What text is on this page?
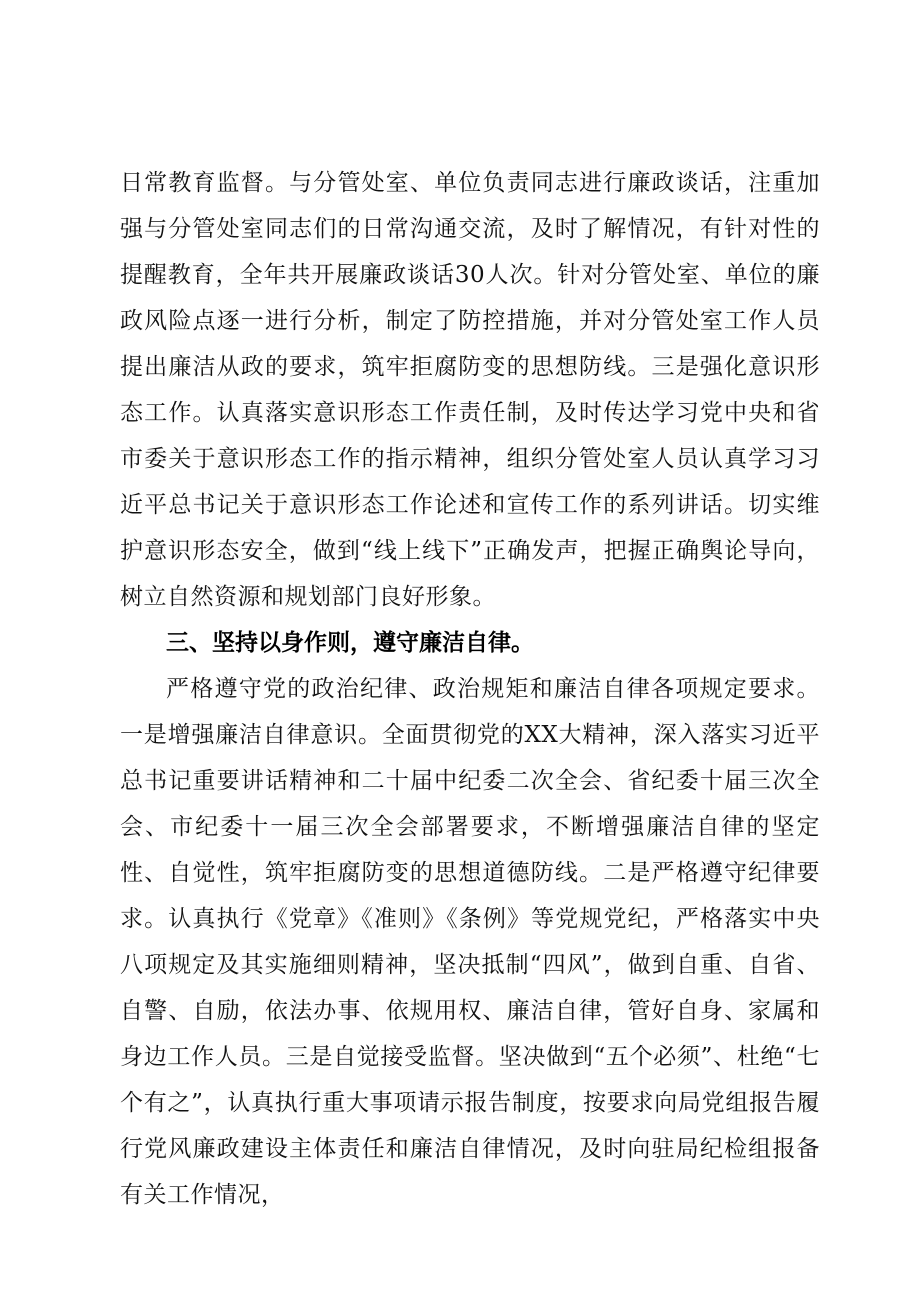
日常教育监督。与分管处室、单位负责同志进行廉政谈话，注重加强与分管处室同志们的日常沟通交流，及时了解情况，有针对性的提醒教育，全年共开展廉政谈话30人次。针对分管处室、单位的廉政风险点逐一进行分析，制定了防控措施，并对分管处室工作人员提出廉洁从政的要求，筑牢拒腐防变的思想防线。三是强化意识形态工作。认真落实意识形态工作责任制，及时传达学习党中央和省市委关于意识形态工作的指示精神，组织分管处室人员认真学习习近平总书记关于意识形态工作论述和宣传工作的系列讲话。切实维护意识形态安全，做到“线上线下”正确发声，把握正确舆论导向，树立自然资源和规划部门良好形象。

三、坚持以身作则，遵守廉洁自律。

严格遵守党的政治纪律、政治规矩和廉洁自律各项规定要求。一是增强廉洁自律意识。全面贯彻党的XX大精神，深入落实习近平总书记重要讲话精神和二十届中纪委二次全会、省纪委十届三次全会、市纪委十一届三次全会部署要求，不断增强廉洁自律的坚定性、自觉性，筑牢拒腐防变的思想道德防线。二是严格遵守纪律要求。认真执行《党章》《准则》《条例》等党规党纪，严格落实中央八项规定及其实施细则精神，坚决抵制“四风”，做到自重、自省、自警、自励，依法办事、依规用权、廉洁自律，管好自身、家属和身边工作人员。三是自觉接受监督。坚决做到“五个必须”、杜绝“七个有之”，认真执行重大事项请示报告制度，按要求向局党组报告履行党风廉政建设主体责任和廉洁自律情况，及时向驻局纪检组报备有关工作情况，
